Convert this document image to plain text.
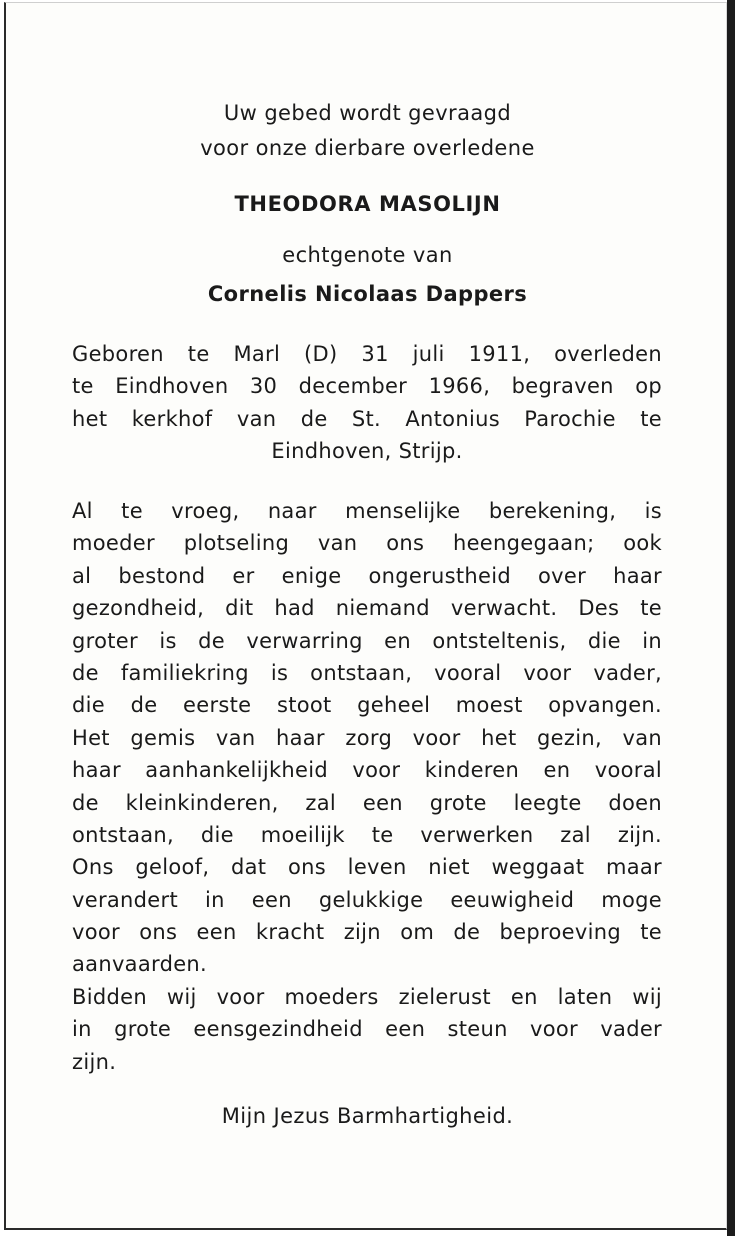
Uw gebed wordt gevraagd
voor onze dierbare overledene
THEODORA MASOLIJN
echtgenote van
Cornelis Nicolaas Dappers
Geboren te Marl (D) 31 juli 1911, overleden
te Eindhoven 30 december 1966, begraven op
het kerkhof van de St. Antonius Parochie te
Eindhoven, Strijp.
Al te vroeg, naar menselijke berekening, is
moeder plotseling van ons heengegaan; ook
al bestond er enige ongerustheid over haar
gezondheid, dit had niemand verwacht. Des te
groter is de verwarring en ontsteltenis, die in
de familiekring is ontstaan, vooral voor vader,
die de eerste stoot geheel moest opvangen.
Het gemis van haar zorg voor het gezin, van
haar aanhankelijkheid voor kinderen en vooral
de kleinkinderen, zal een grote leegte doen
ontstaan, die moeilijk te verwerken zal zijn.
Ons geloof, dat ons leven niet weggaat maar
verandert in een gelukkige eeuwigheid moge
voor ons een kracht zijn om de beproeving te
aanvaarden.
Bidden wij voor moeders zielerust en laten wij
in grote eensgezindheid een steun voor vader
zijn.
Mijn Jezus Barmhartigheid.
